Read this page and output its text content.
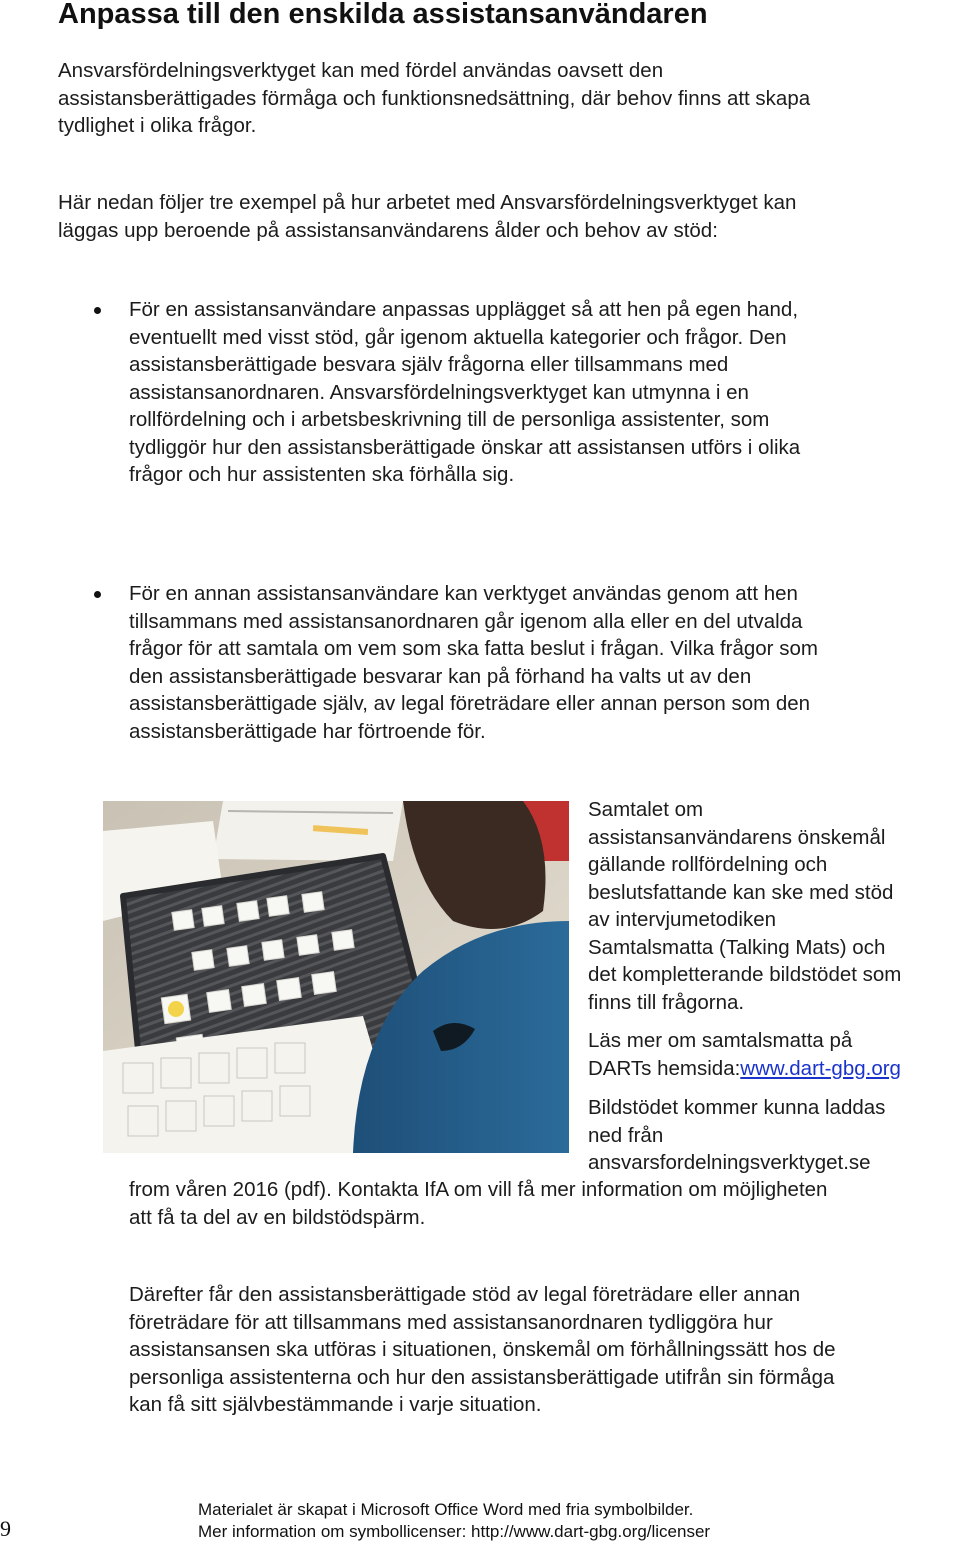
Anpassa till den enskilda assistansanvändaren

Ansvarsfördelningsverktyget kan med fördel användas oavsett den
assistansberättigades förmåga och funktionsnedsättning, där behov finns att skapa
tydlighet i olika frågor.

Här nedan följer tre exempel på hur arbetet med Ansvarsfördelningsverktyget kan
läggas upp beroende på assistansanvändarens ålder och behov av stöd:

För en assistansanvändare anpassas upplägget så att hen på egen hand,
eventuellt med visst stöd, går igenom aktuella kategorier och frågor. Den
assistansberättigade besvara själv frågorna eller tillsammans med
assistansanordnaren. Ansvarsfördelningsverktyget kan utmynna i en
rollfördelning och i arbetsbeskrivning till de personliga assistenter, som
tydliggör hur den assistansberättigade önskar att assistansen utförs i olika
frågor och hur assistenten ska förhålla sig.

För en annan assistansanvändare kan verktyget användas genom att hen
tillsammans med assistansanordnaren går igenom alla eller en del utvalda
frågor för att samtala om vem som ska fatta beslut i frågan. Vilka frågor som
den assistansberättigade besvarar kan på förhand ha valts ut av den
assistansberättigade själv, av legal företrädare eller annan person som den
assistansberättigade har förtroende för.

Samtalet om
assistansanvändarens önskemål
gällande rollfördelning och
beslutsfattande kan ske med stöd
av intervjumetodiken
Samtalsmatta (Talking Mats) och
det kompletterande bildstödet som
finns till frågorna.

Läs mer om samtalsmatta på
DARTs hemsida:www.dart-gbg.org

Bildstödet kommer kunna laddas
ned från
ansvarsfordelningsverktyget.se

from våren 2016 (pdf). Kontakta IfA om vill få mer information om möjligheten
att få ta del av en bildstödspärm.

Därefter får den assistansberättigade stöd av legal företrädare eller annan
företrädare för att tillsammans med assistansanordnaren tydliggöra hur
assistansansen ska utföras i situationen, önskemål om förhållningssätt hos de
personliga assistenterna och hur den assistansberättigade utifrån sin förmåga
kan få sitt självbestämmande i varje situation.

9
Materialet är skapat i Microsoft Office Word med fria symbolbilder.
Mer information om symbollicenser: http://www.dart-gbg.org/licenser
